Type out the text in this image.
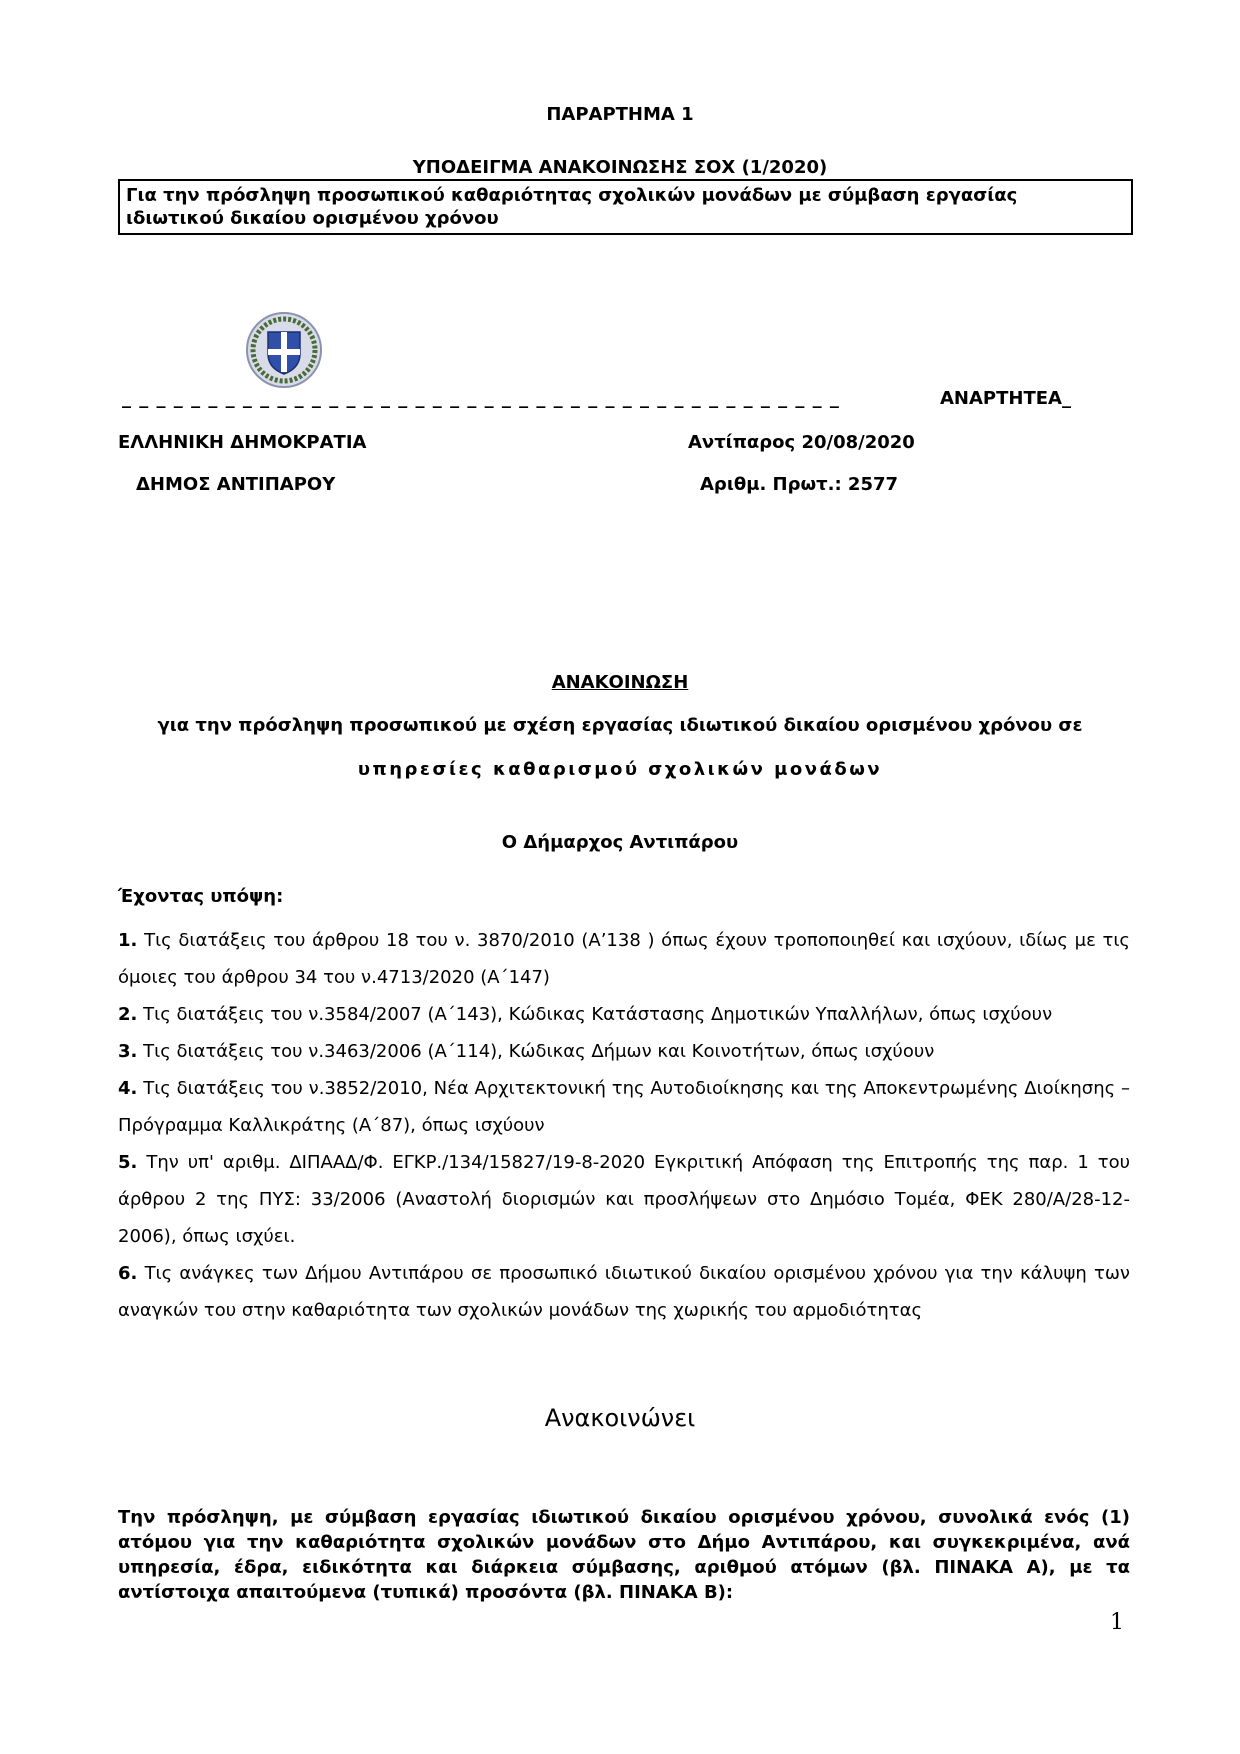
ΠΑΡΑΡΤΗΜΑ 1
ΥΠΟΔΕΙΓΜΑ ΑΝΑΚΟΙΝΩΣΗΣ ΣΟΧ (1/2020)
Για την πρόσληψη προσωπικού καθαριότητας σχολικών μονάδων με σύμβαση εργασίας
ιδιωτικού δικαίου ορισμένου χρόνου
_ _ _ _ _ _ _ _ _ _ _ _ _ _ _ _ _ _ _ _ _ _ _ _ _ _ _ _ _ _ _ _ _ _ _ _ _ _ _ _ _ _	ΑΝΑΡΤΗΤΕΑ_
ΕΛΛΗΝΙΚΗ ΔΗΜΟΚΡΑΤΙΑ	Αντίπαρος 20/08/2020
ΔΗΜΟΣ ΑΝΤΙΠΑΡΟΥ	Αριθμ. Πρωτ.: 2577
ΑΝΑΚΟΙΝΩΣΗ
για την πρόσληψη προσωπικού με σχέση εργασίας ιδιωτικού δικαίου ορισμένου χρόνου σε
υπηρεσίες καθαρισμού σχολικών μονάδων
Ο Δήμαρχος Αντιπάρου
Έχοντας υπόψη:
1. Τις διατάξεις του άρθρου 18 του ν. 3870/2010 (Α’138 ) όπως έχουν τροποποιηθεί και ισχύουν, ιδίως με τις όμοιες του άρθρου 34 του ν.4713/2020 (Α΄147)
2. Τις διατάξεις του ν.3584/2007 (Α΄143), Κώδικας Κατάστασης Δημοτικών Υπαλλήλων, όπως ισχύουν
3. Τις διατάξεις του ν.3463/2006 (Α΄114), Κώδικας Δήμων και Κοινοτήτων, όπως ισχύουν
4. Τις διατάξεις του ν.3852/2010, Νέα Αρχιτεκτονική της Αυτοδιοίκησης και της Αποκεντρωμένης Διοίκησης – Πρόγραμμα Καλλικράτης (Α΄87), όπως ισχύουν
5. Την υπ' αριθμ. ΔΙΠΑΑΔ/Φ. ΕΓΚΡ./134/15827/19-8-2020 Εγκριτική Απόφαση της Επιτροπής της παρ. 1 του άρθρου 2 της ΠΥΣ: 33/2006 (Αναστολή διορισμών και προσλήψεων στο Δημόσιο Τομέα, ΦΕΚ 280/Α/28-12-2006), όπως ισχύει.
6. Τις ανάγκες των Δήμου Αντιπάρου σε προσωπικό ιδιωτικού δικαίου ορισμένου χρόνου για την κάλυψη των αναγκών του στην καθαριότητα των σχολικών μονάδων της χωρικής του αρμοδιότητας
Ανακοινώνει
Την πρόσληψη, με σύμβαση εργασίας ιδιωτικού δικαίου ορισμένου χρόνου, συνολικά ενός (1) ατόμου για την καθαριότητα σχολικών μονάδων στο Δήμο Αντιπάρου, και συγκεκριμένα, ανά υπηρεσία, έδρα, ειδικότητα και διάρκεια σύμβασης, αριθμού ατόμων (βλ. ΠΙΝΑΚΑ Α), με τα αντίστοιχα απαιτούμενα (τυπικά) προσόντα (βλ. ΠΙΝΑΚΑ Β):
1
